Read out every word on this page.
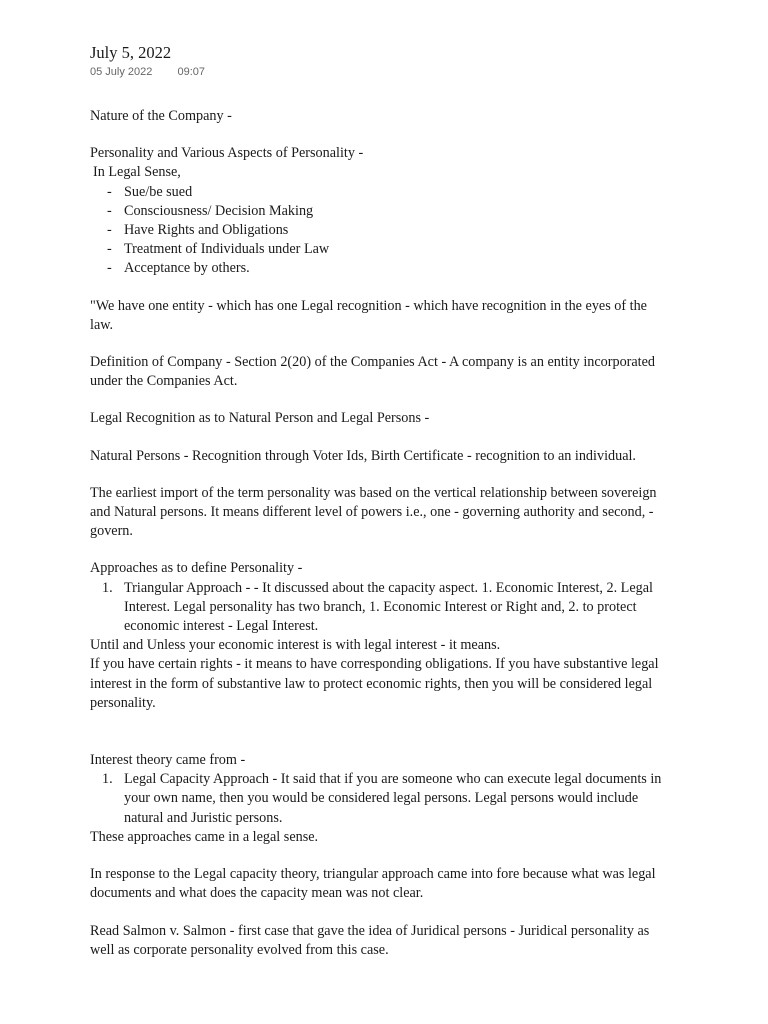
July 5, 2022
05 July 2022 09:07

Nature of the Company -

Personality and Various Aspects of Personality -

In Legal Sense,

- Sue/be sued
- Consciousness/ Decision Making
- Have Rights and Obligations
- Treatment of Individuals under Law
- Acceptance by others.

"We have one entity - which has one Legal recognition - which have recognition in the eyes of the law.

Definition of Company - Section 2(20) of the Companies Act - A company is an entity incorporated under the Companies Act.

Legal Recognition as to Natural Person and Legal Persons -

Natural Persons - Recognition through Voter Ids, Birth Certificate - recognition to an individual.

The earliest import of the term personality was based on the vertical relationship between sovereign and Natural persons. It means different level of powers i.e., one - governing authority and second, - govern.

Approaches as to define Personality -

1. Triangular Approach - - It discussed about the capacity aspect. 1. Economic Interest, 2. Legal Interest. Legal personality has two branch, 1. Economic Interest or Right and, 2. to protect economic interest - Legal Interest.

Until and Unless your economic interest is with legal interest - it means.

If you have certain rights - it means to have corresponding obligations. If you have substantive legal interest in the form of substantive law to protect economic rights, then you will be considered legal personality.

Interest theory came from -

1. Legal Capacity Approach - It said that if you are someone who can execute legal documents in your own name, then you would be considered legal persons. Legal persons would include natural and Juristic persons.

These approaches came in a legal sense.

In response to the Legal capacity theory, triangular approach came into fore because what was legal documents and what does the capacity mean was not clear.

Read Salmon v. Salmon - first case that gave the idea of Juridical persons - Juridical personality as well as corporate personality evolved from this case.
